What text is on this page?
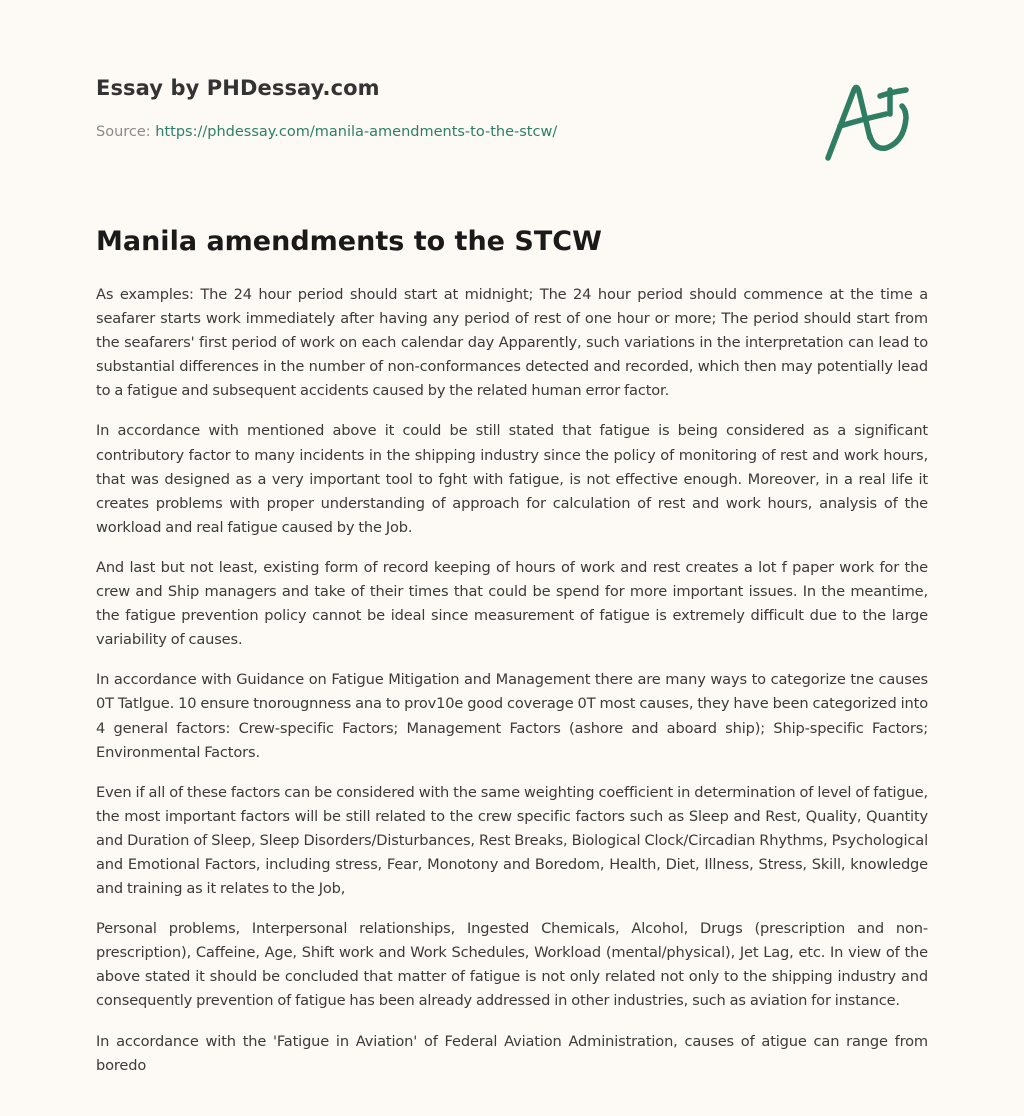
Essay by PHDessay.com
Source: https://phdessay.com/manila-amendments-to-the-stcw/
Manila amendments to the STCW

As examples: The 24 hour period should start at midnight; The 24 hour period should commence at the time a seafarer starts work immediately after having any period of rest of one hour or more; The period should start from the seafarers' first period of work on each calendar day Apparently, such variations in the interpretation can lead to substantial differences in the number of non-conformances detected and recorded, which then may potentially lead to a fatigue and subsequent accidents caused by the related human error factor.

In accordance with mentioned above it could be still stated that fatigue is being considered as a significant contributory factor to many incidents in the shipping industry since the policy of monitoring of rest and work hours, that was designed as a very important tool to fght with fatigue, is not effective enough. Moreover, in a real life it creates problems with proper understanding of approach for calculation of rest and work hours, analysis of the workload and real fatigue caused by the Job.

And last but not least, existing form of record keeping of hours of work and rest creates a lot f paper work for the crew and Ship managers and take of their times that could be spend for more important issues. In the meantime, the fatigue prevention policy cannot be ideal since measurement of fatigue is extremely difficult due to the large variability of causes.

In accordance with Guidance on Fatigue Mitigation and Management there are many ways to categorize tne causes 0T Tatlgue. 10 ensure tnorougnness ana to prov10e good coverage 0T most causes, they have been categorized into 4 general factors: Crew-specific Factors; Management Factors (ashore and aboard ship); Ship-specific Factors; Environmental Factors.

Even if all of these factors can be considered with the same weighting coefficient in determination of level of fatigue, the most important factors will be still related to the crew specific factors such as Sleep and Rest, Quality, Quantity and Duration of Sleep, Sleep Disorders/Disturbances, Rest Breaks, Biological Clock/Circadian Rhythms, Psychological and Emotional Factors, including stress, Fear, Monotony and Boredom, Health, Diet, Illness, Stress, Skill, knowledge and training as it relates to the Job,

Personal problems, Interpersonal relationships, Ingested Chemicals, Alcohol, Drugs (prescription and non-prescription), Caffeine, Age, Shift work and Work Schedules, Workload (mental/physical), Jet Lag, etc. In view of the above stated it should be concluded that matter of fatigue is not only related not only to the shipping industry and consequently prevention of fatigue has been already addressed in other industries, such as aviation for instance.

In accordance with the 'Fatigue in Aviation' of Federal Aviation Administration, causes of atigue can range from boredo
